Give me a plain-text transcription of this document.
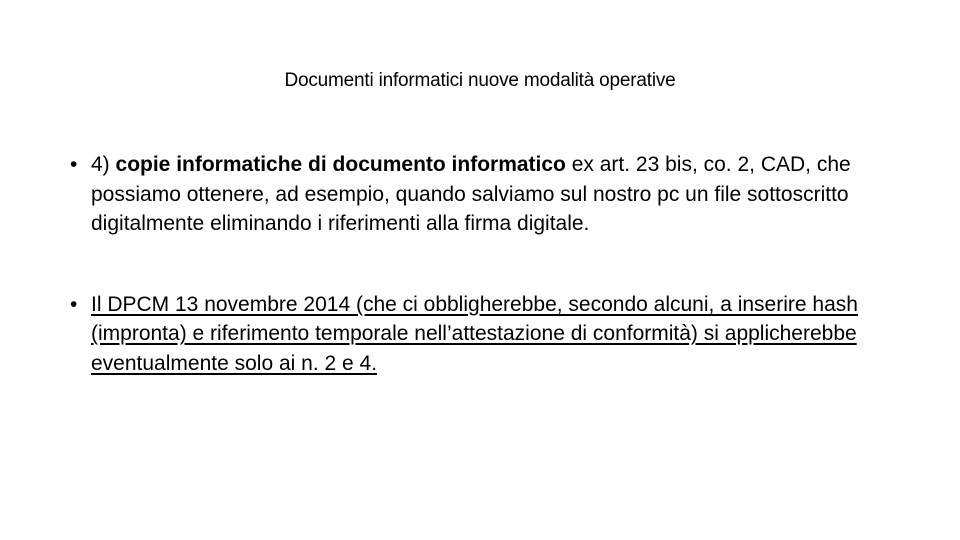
Documenti informatici nuove modalità operative
• 4) copie informatiche di documento informatico ex art. 23 bis, co. 2, CAD, che possiamo ottenere, ad esempio, quando salviamo sul nostro pc un file sottoscritto digitalmente eliminando i riferimenti alla firma digitale.
• Il DPCM 13 novembre 2014 (che ci obbligherebbe, secondo alcuni, a inserire hash (impronta) e riferimento temporale nell’attestazione di conformità) si applicherebbe eventualmente solo ai n. 2 e 4.
